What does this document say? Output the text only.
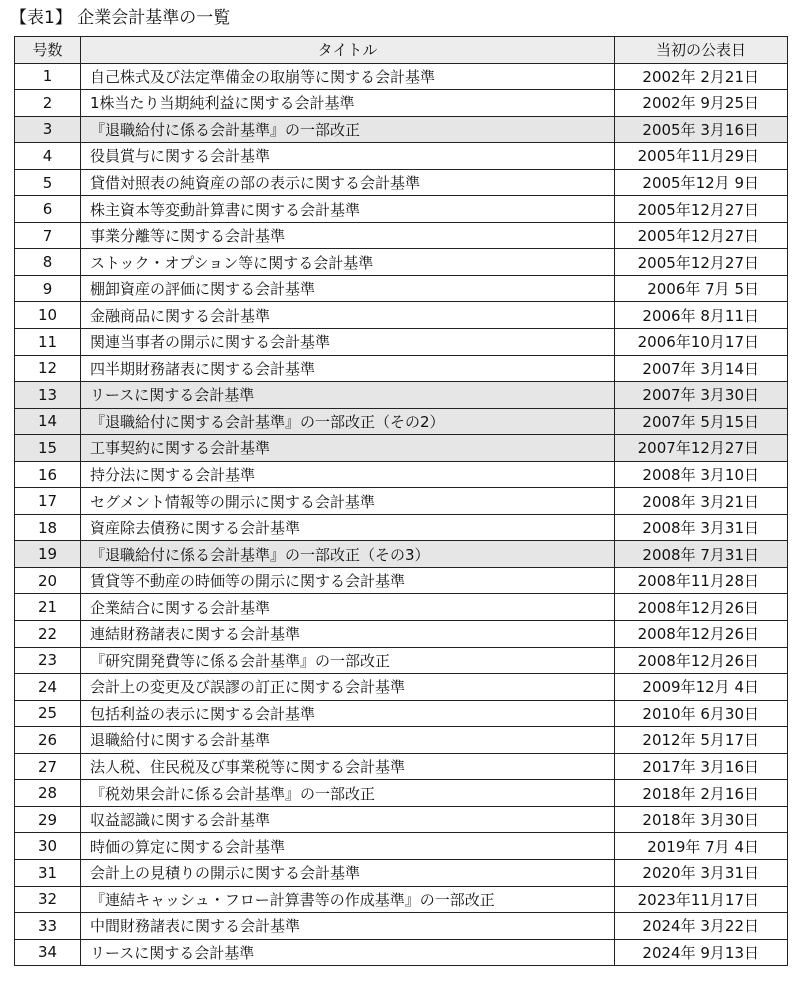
【表1】 企業会計基準の一覧
号数	タイトル	当初の公表日
1	自己株式及び法定準備金の取崩等に関する会計基準	2002年 2月21日
2	1株当たり当期純利益に関する会計基準	2002年 9月25日
3	『退職給付に係る会計基準』の一部改正	2005年 3月16日
4	役員賞与に関する会計基準	2005年11月29日
5	貸借対照表の純資産の部の表示に関する会計基準	2005年12月 9日
6	株主資本等変動計算書に関する会計基準	2005年12月27日
7	事業分離等に関する会計基準	2005年12月27日
8	ストック・オプション等に関する会計基準	2005年12月27日
9	棚卸資産の評価に関する会計基準	2006年 7月 5日
10	金融商品に関する会計基準	2006年 8月11日
11	関連当事者の開示に関する会計基準	2006年10月17日
12	四半期財務諸表に関する会計基準	2007年 3月14日
13	リースに関する会計基準	2007年 3月30日
14	『退職給付に関する会計基準』の一部改正（その2）	2007年 5月15日
15	工事契約に関する会計基準	2007年12月27日
16	持分法に関する会計基準	2008年 3月10日
17	セグメント情報等の開示に関する会計基準	2008年 3月21日
18	資産除去債務に関する会計基準	2008年 3月31日
19	『退職給付に係る会計基準』の一部改正（その3）	2008年 7月31日
20	賃貸等不動産の時価等の開示に関する会計基準	2008年11月28日
21	企業結合に関する会計基準	2008年12月26日
22	連結財務諸表に関する会計基準	2008年12月26日
23	『研究開発費等に係る会計基準』の一部改正	2008年12月26日
24	会計上の変更及び誤謬の訂正に関する会計基準	2009年12月 4日
25	包括利益の表示に関する会計基準	2010年 6月30日
26	退職給付に関する会計基準	2012年 5月17日
27	法人税、住民税及び事業税等に関する会計基準	2017年 3月16日
28	『税効果会計に係る会計基準』の一部改正	2018年 2月16日
29	収益認識に関する会計基準	2018年 3月30日
30	時価の算定に関する会計基準	2019年 7月 4日
31	会計上の見積りの開示に関する会計基準	2020年 3月31日
32	『連結キャッシュ・フロー計算書等の作成基準』の一部改正	2023年11月17日
33	中間財務諸表に関する会計基準	2024年 3月22日
34	リースに関する会計基準	2024年 9月13日
